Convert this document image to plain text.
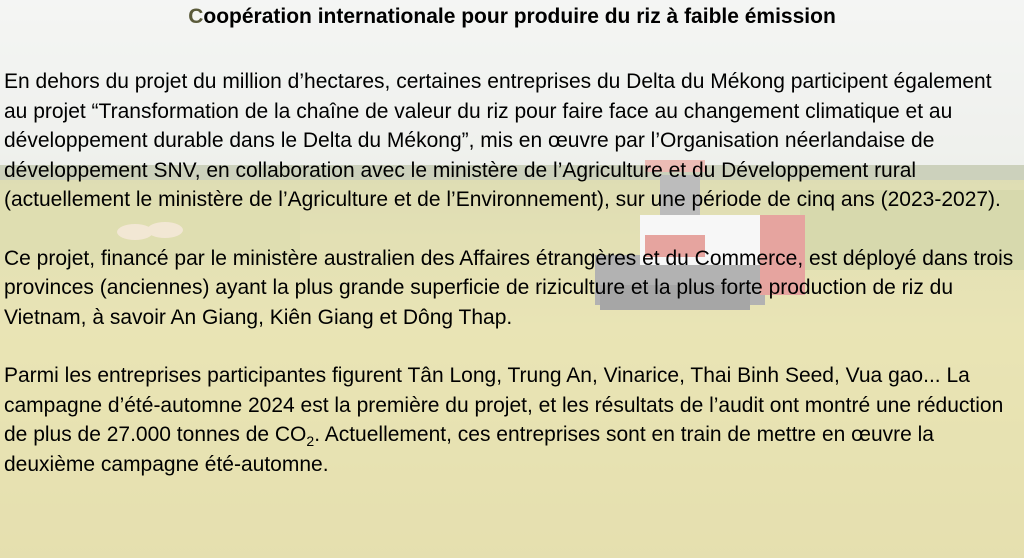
Coopération internationale pour produire du riz à faible émission

En dehors du projet du million d’hectares, certaines entreprises du Delta du Mékong participent également au projet “Transformation de la chaîne de valeur du riz pour faire face au changement climatique et au développement durable dans le Delta du Mékong”, mis en œuvre par l’Organisation néerlandaise de développement SNV, en collaboration avec le ministère de l’Agriculture et du Développement rural (actuellement le ministère de l’Agriculture et de l’Environnement), sur une période de cinq ans (2023-2027).

Ce projet, financé par le ministère australien des Affaires étrangères et du Commerce, est déployé dans trois provinces (anciennes) ayant la plus grande superficie de riziculture et la plus forte production de riz du Vietnam, à savoir An Giang, Kiên Giang et Dông Thap.

Parmi les entreprises participantes figurent Tân Long, Trung An, Vinarice, Thai Binh Seed, Vua gao... La campagne d’été-automne 2024 est la première du projet, et les résultats de l’audit ont montré une réduction de plus de 27.000 tonnes de $CO_2$. Actuellement, ces entreprises sont en train de mettre en œuvre la deuxième campagne été-automne.
